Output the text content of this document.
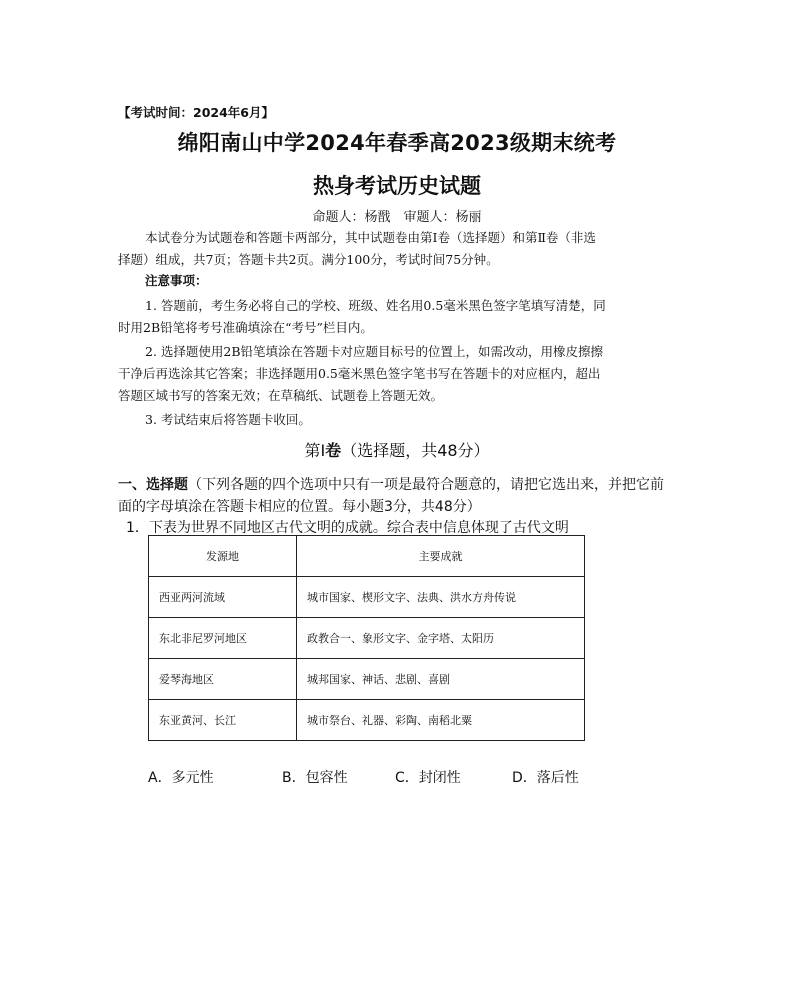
【考试时间：2024年6月】
绵阳南山中学2024年春季高2023级期末统考
热身考试历史试题
命题人：杨戬　审题人：杨丽
本试卷分为试题卷和答题卡两部分，其中试题卷由第Ⅰ卷（选择题）和第Ⅱ卷（非选
择题）组成，共7页；答题卡共2页。满分100分，考试时间75分钟。
注意事项：
1. 答题前，考生务必将自己的学校、班级、姓名用0.5毫米黑色签字笔填写清楚，同
时用2B铅笔将考号准确填涂在“考号”栏目内。
2. 选择题使用2B铅笔填涂在答题卡对应题目标号的位置上，如需改动，用橡皮擦擦
干净后再选涂其它答案；非选择题用0.5毫米黑色签字笔书写在答题卡的对应框内，超出
答题区域书写的答案无效；在草稿纸、试题卷上答题无效。
3. 考试结束后将答题卡收回。
第Ⅰ卷（选择题，共48分）
一、选择题（下列各题的四个选项中只有一项是最符合题意的，请把它选出来，并把它前
面的字母填涂在答题卡相应的位置。每小题3分，共48分）
1．下表为世界不同地区古代文明的成就。综合表中信息体现了古代文明
发源地	主要成就
西亚两河流域	城市国家、楔形文字、法典、洪水方舟传说
东北非尼罗河地区	政教合一、象形文字、金字塔、太阳历
爱琴海地区	城邦国家、神话、悲剧、喜剧
东亚黄河、长江	城市祭台、礼器、彩陶、南稻北粟
A．多元性	B．包容性	C．封闭性	D．落后性
